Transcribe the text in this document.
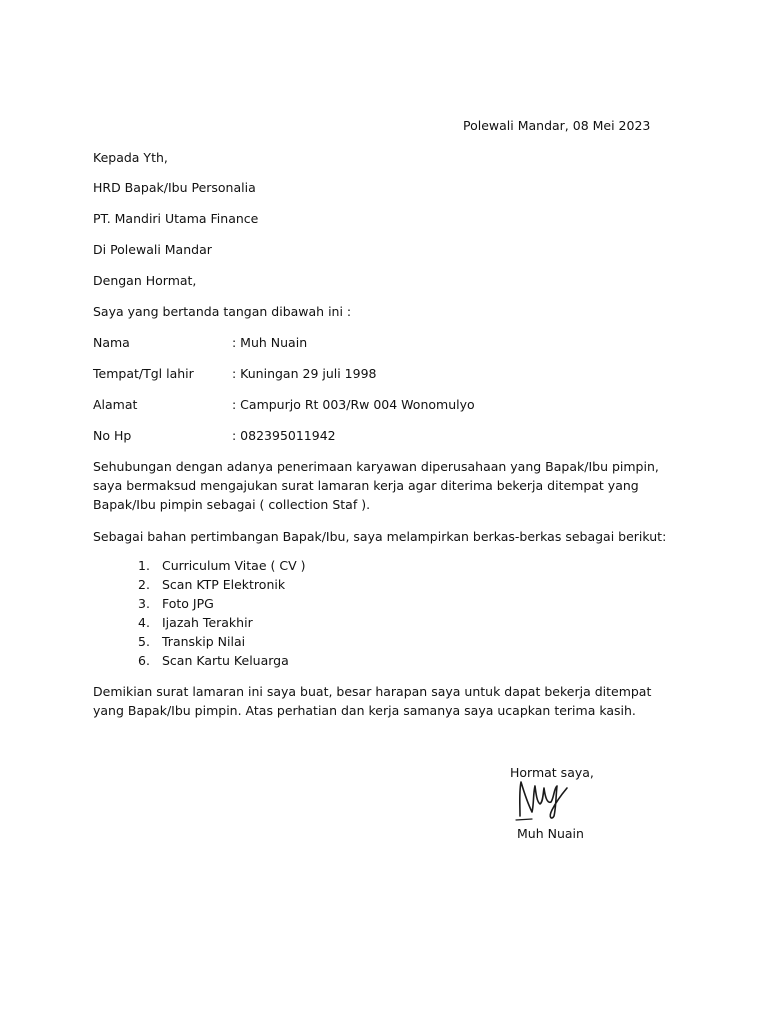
Polewali Mandar, 08 Mei 2023
Kepada Yth,
HRD Bapak/Ibu Personalia
PT. Mandiri Utama Finance
Di Polewali Mandar
Dengan Hormat,
Saya yang bertanda tangan dibawah ini :
Nama	: Muh Nuain
Tempat/Tgl lahir	: Kuningan 29 juli 1998
Alamat	: Campurjo Rt 003/Rw 004 Wonomulyo
No Hp	: 082395011942
Sehubungan dengan adanya penerimaan karyawan diperusahaan yang Bapak/Ibu pimpin, saya bermaksud mengajukan surat lamaran kerja agar diterima bekerja ditempat yang Bapak/Ibu pimpin sebagai ( collection Staf ).
Sebagai bahan pertimbangan Bapak/Ibu, saya melampirkan berkas-berkas sebagai berikut:
1. Curriculum Vitae ( CV )
2. Scan KTP Elektronik
3. Foto JPG
4. Ijazah Terakhir
5. Transkip Nilai
6. Scan Kartu Keluarga
Demikian surat lamaran ini saya buat, besar harapan saya untuk dapat bekerja ditempat yang Bapak/Ibu pimpin. Atas perhatian dan kerja samanya saya ucapkan terima kasih.
Hormat saya,
Muh Nuain
